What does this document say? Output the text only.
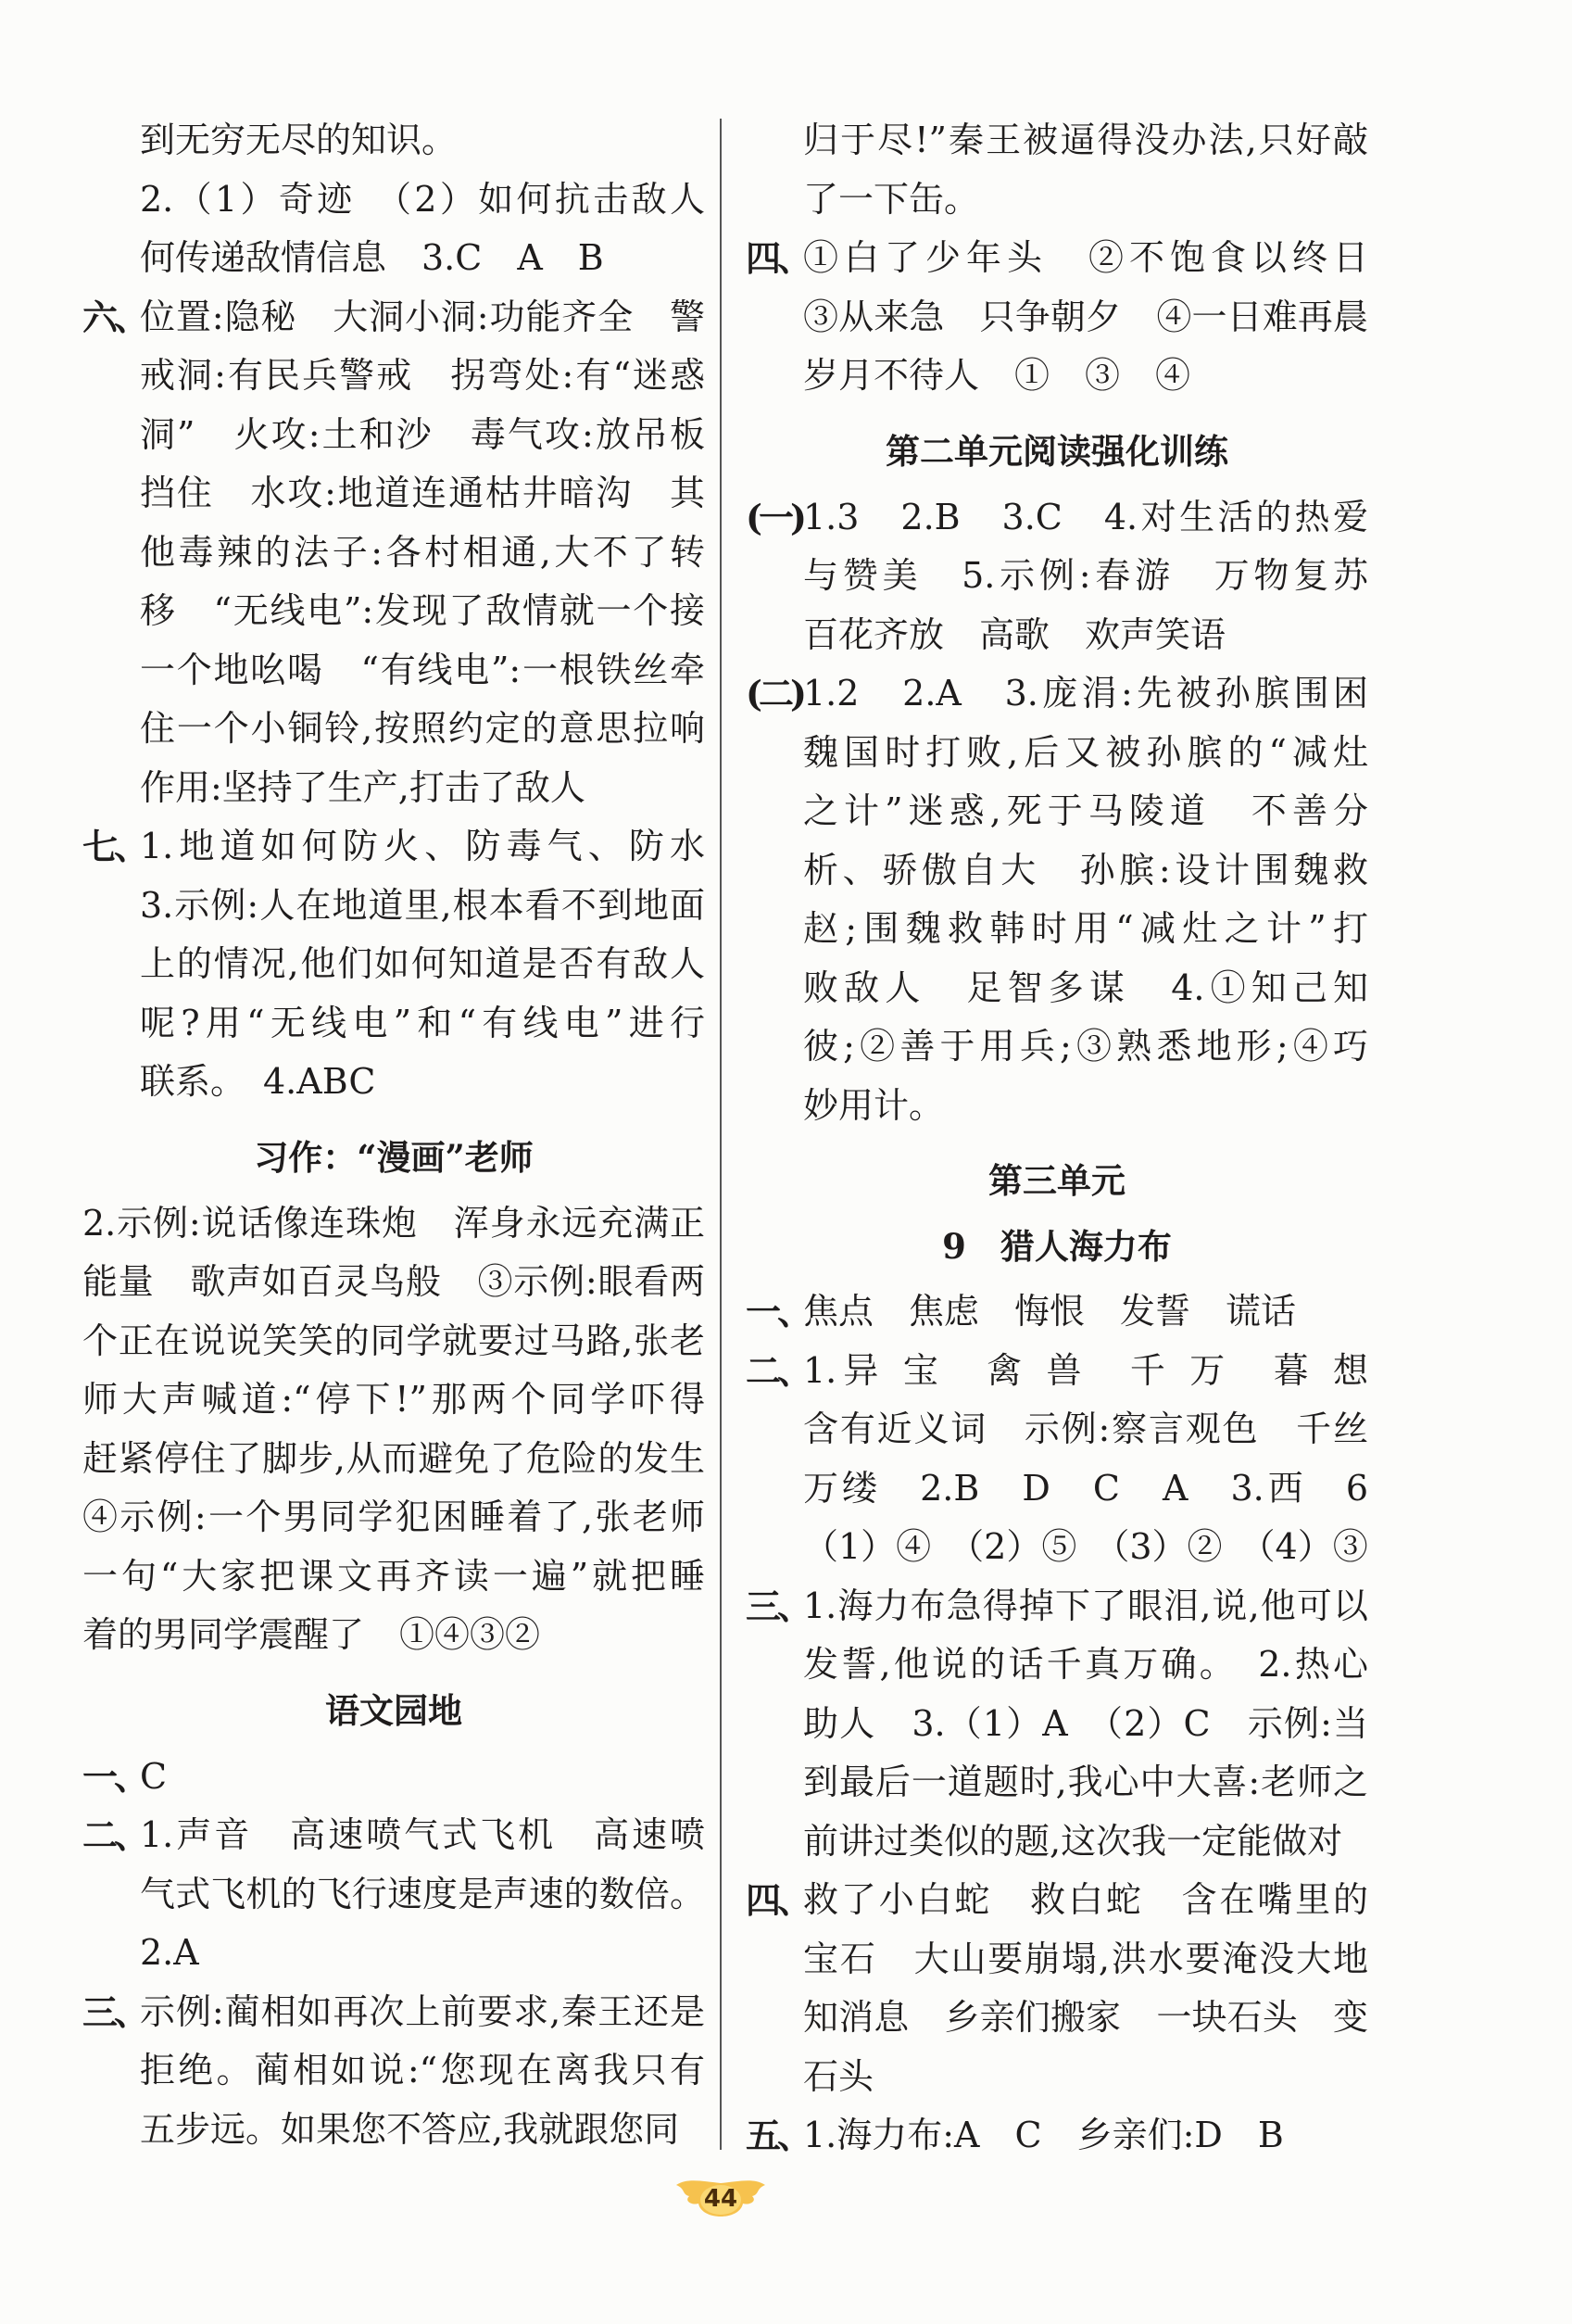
到无穷无尽的知识。
2.（1）奇迹　（2）如何抗击敌人　
何传递敌情信息　3.C　A　B
六、
位置:隐秘　大洞小洞:功能齐全　警
戒洞:有民兵警戒　拐弯处:有“迷惑
洞”　火攻:土和沙　毒气攻:放吊板
挡住　水攻:地道连通枯井暗沟　其
他毒辣的法子:各村相通,大不了转
移　“无线电”:发现了敌情就一个接
一个地吆喝　“有线电”:一根铁丝牵
住一个小铜铃,按照约定的意思拉响
作用:坚持了生产,打击了敌人
七、
1.地道如何防火、防毒气、防水　
3.示例:人在地道里,根本看不到地面
上的情况,他们如何知道是否有敌人
呢?用“无线电”和“有线电”进行
联系。　4.ABC
习作：“漫画”老师
2.示例:说话像连珠炮　浑身永远充满正
能量　歌声如百灵鸟般　③示例:眼看两
个正在说说笑笑的同学就要过马路,张老
师大声喊道:“停下!”那两个同学吓得
赶紧停住了脚步,从而避免了危险的发生
④示例:一个男同学犯困睡着了,张老师
一句“大家把课文再齐读一遍”就把睡
着的男同学震醒了　①④③②
语文园地
一、
C
二、
1.声音　高速喷气式飞机　高速喷
气式飞机的飞行速度是声速的数倍。
2.A
三、
示例:蔺相如再次上前要求,秦王还是
拒绝。蔺相如说:“您现在离我只有
五步远。如果您不答应,我就跟您同
归于尽!”秦王被逼得没办法,只好敲
了一下缶。
四、
①白了少年头　②不饱食以终日
③从来急　只争朝夕　④一日难再晨
岁月不待人　①　③　④
第二单元阅读强化训练
(一) 1.3　2.B　3.C　4.对生活的热爱
与赞美　5.示例:春游　万物复苏
百花齐放　高歌　欢声笑语
(二) 1.2　2.A　3.庞涓:先被孙膑围困
魏国时打败,后又被孙膑的“减灶
之计”迷惑,死于马陵道　不善分
析、骄傲自大　孙膑:设计围魏救
赵;围魏救韩时用“减灶之计”打
败敌人　足智多谋　4.①知己知
彼;②善于用兵;③熟悉地形;④巧
妙用计。
第三单元
9　猎人海力布
一、
焦点　焦虑　悔恨　发誓　谎话
二、
1.异 宝　禽 兽　千 万　暮 想
含有近义词　示例:察言观色　千丝
万缕　2.B　D　C　A　3.西　6
（1）④　（2）⑤　（3）②　（4）③
三、
1.海力布急得掉下了眼泪,说,他可以
发誓,他说的话千真万确。　2.热心
助人　3.（1）A　（2）C　示例:当
到最后一道题时,我心中大喜:老师之
前讲过类似的题,这次我一定能做对
四、
救了小白蛇　救白蛇　含在嘴里的
宝石　大山要崩塌,洪水要淹没大地
知消息　乡亲们搬家　一块石头　变
石头
五、
1.海力布:A　C　乡亲们:D　B
44
